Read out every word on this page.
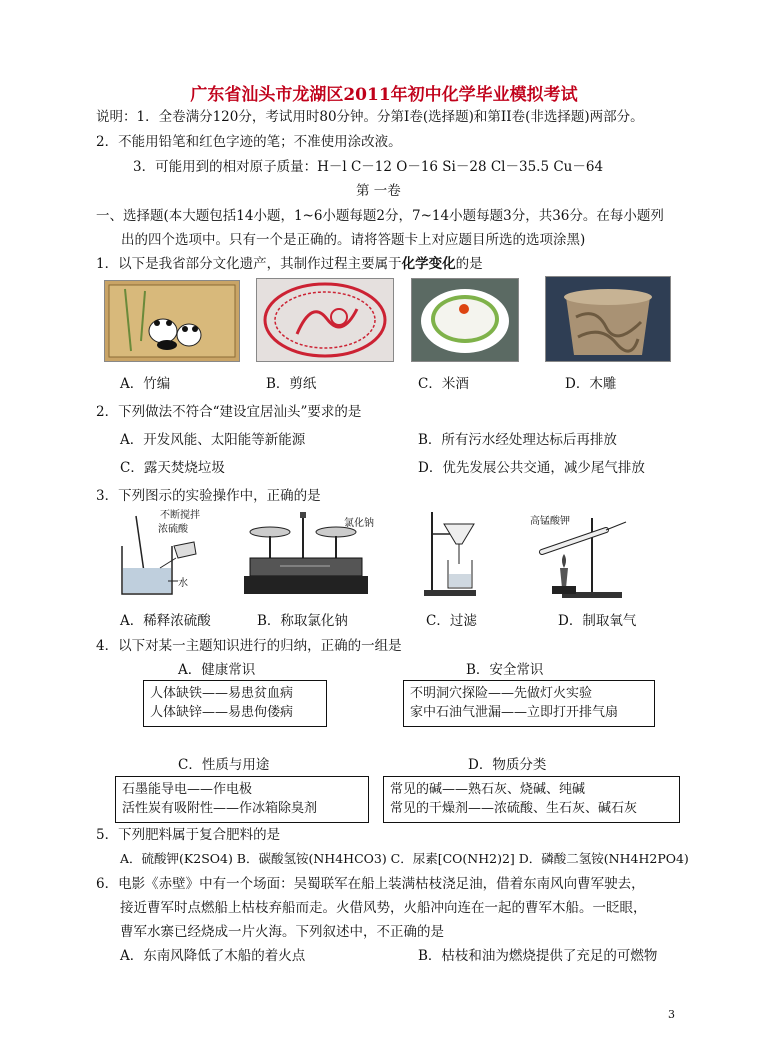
广东省汕头市龙湖区2011年初中化学毕业模拟考试
说明：1．全卷满分120分，考试用时80分钟。分第I卷(选择题)和第II卷(非选择题)两部分。
2．不能用铅笔和红色字迹的笔；不准使用涂改液。
3．可能用到的相对原子质量：H－l C－12 O－16 Si－28 Cl－35.5 Cu－64
第 一卷
一、选择题(本大题包括14小题，1~6小题每题2分，7~14小题每题3分，共36分。在每小题列
出的四个选项中。只有一个是正确的。请将答题卡上对应题目所选的选项涂黑)
1．以下是我省部分文化遗产，其制作过程主要属于化学变化的是
A．竹编	B．剪纸	C．米酒	D．木雕
2．下列做法不符合“建设宜居汕头”要求的是
A．开发风能、太阳能等新能源	B．所有污水经处理达标后再排放
C．露天焚烧垃圾	D．优先发展公共交通，减少尾气排放
3．下列图示的实验操作中，正确的是
不断搅拌
浓硫酸
水
氯化钠	高锰酸钾
A．稀释浓硫酸	B．称取氯化钠	C．过滤	D．制取氧气
4．以下对某一主题知识进行的归纳，正确的一组是
A．健康常识	B．安全常识
人体缺铁——易患贫血病
人体缺锌——易患佝偻病
不明洞穴探险——先做灯火实验
家中石油气泄漏——立即打开排气扇
C．性质与用途	D．物质分类
石墨能导电——作电极
活性炭有吸附性——作冰箱除臭剂
常见的碱——熟石灰、烧碱、纯碱
常见的干燥剂——浓硫酸、生石灰、碱石灰
5．下列肥料属于复合肥料的是
A．硫酸钾(K2SO4) B．碳酸氢铵(NH4HCO3) C．尿素[CO(NH2)2] D．磷酸二氢铵(NH4H2PO4)
6．电影《赤壁》中有一个场面：吴蜀联军在船上装满枯枝浇足油，借着东南风向曹军驶去，
接近曹军时点燃船上枯枝弃船而走。火借风势，火船冲向连在一起的曹军木船。一眨眼，
曹军水寨已经烧成一片火海。下列叙述中，不正确的是
A．东南风降低了木船的着火点	B．枯枝和油为燃烧提供了充足的可燃物
3
